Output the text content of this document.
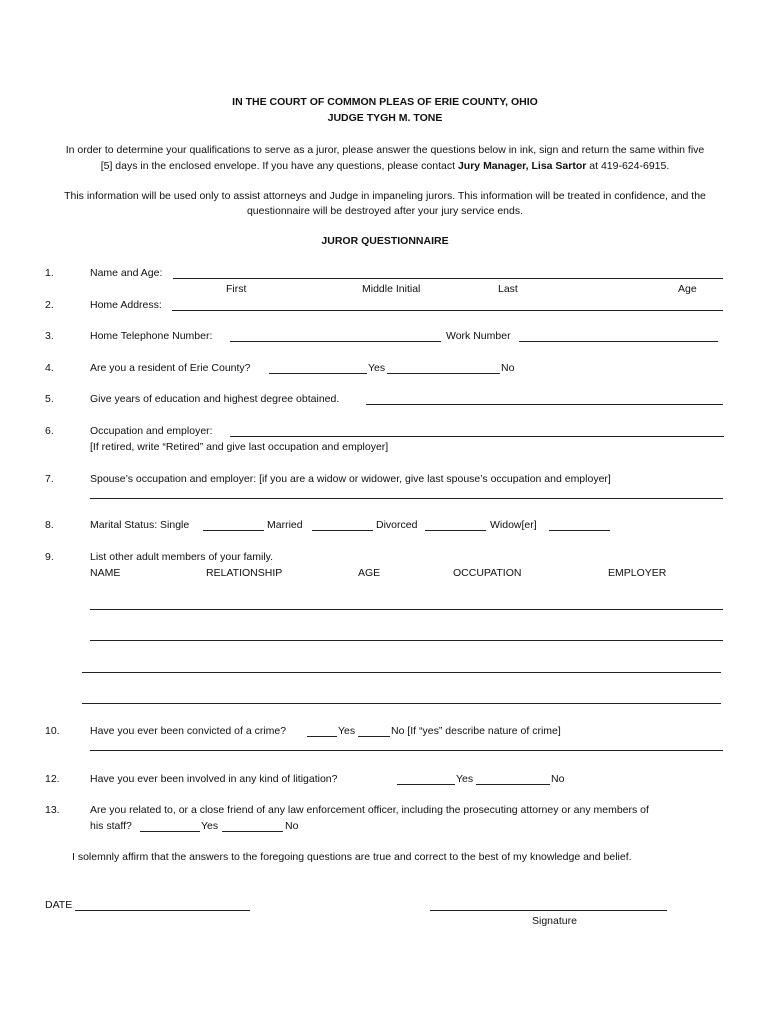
IN THE COURT OF COMMON PLEAS OF ERIE COUNTY, OHIO
JUDGE TYGH M. TONE
In order to determine your qualifications to serve as a juror, please answer the questions below in ink, sign and return the same within five
[5] days in the enclosed envelope. If you have any questions, please contact Jury Manager, Lisa Sartor at 419-624-6915.
This information will be used only to assist attorneys and Judge in impaneling jurors. This information will be treated in confidence, and the
questionnaire will be destroyed after your jury service ends.
JUROR QUESTIONNAIRE
1.	Name and Age:
First	Middle Initial	Last	Age
2.	Home Address:
3.	Home Telephone Number:	Work Number
4.	Are you a resident of Erie County?	Yes	No
5.	Give years of education and highest degree obtained.
6.	Occupation and employer:
[If retired, write “Retired” and give last occupation and employer]
7.	Spouse’s occupation and employer: [if you are a widow or widower, give last spouse’s occupation and employer]
8.	Marital Status: Single	Married	Divorced	Widow[er]
9.	List other adult members of your family.
NAME	RELATIONSHIP	AGE	OCCUPATION	EMPLOYER
10.	Have you ever been convicted of a crime?	Yes	No [If “yes” describe nature of crime]
12.	Have you ever been involved in any kind of litigation?	Yes	No
13.	Are you related to, or a close friend of any law enforcement officer, including the prosecuting attorney or any members of
his staff?	Yes	No
I solemnly affirm that the answers to the foregoing questions are true and correct to the best of my knowledge and belief.
DATE
Signature
